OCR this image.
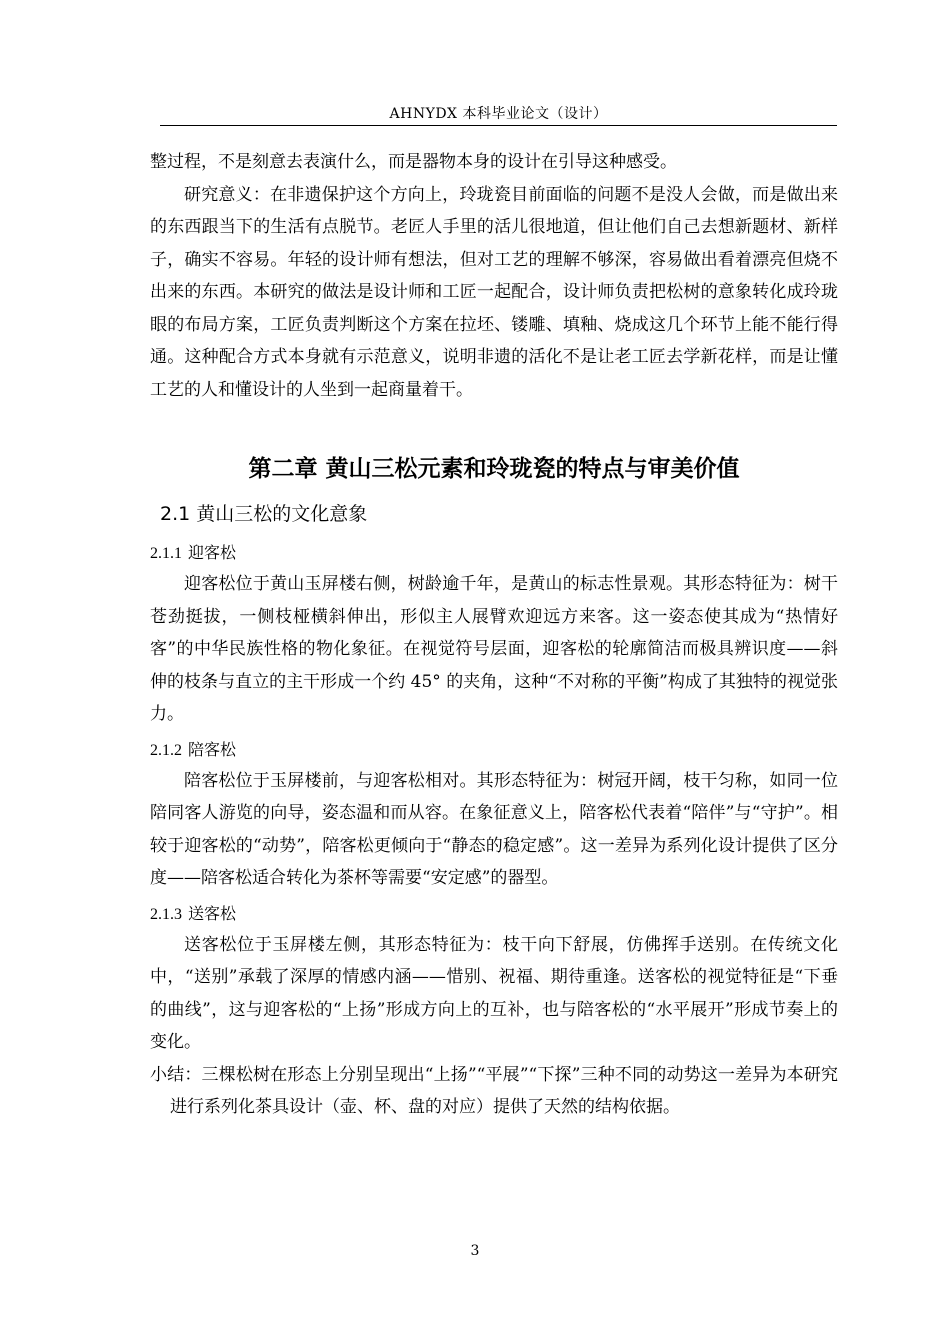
AHNYDX 本科毕业论文（设计）

整过程，不是刻意去表演什么，而是器物本身的设计在引导这种感受。

研究意义：在非遗保护这个方向上，玲珑瓷目前面临的问题不是没人会做，而是做出来的东西跟当下的生活有点脱节。老匠人手里的活儿很地道，但让他们自己去想新题材、新样子，确实不容易。年轻的设计师有想法，但对工艺的理解不够深，容易做出看着漂亮但烧不出来的东西。本研究的做法是设计师和工匠一起配合，设计师负责把松树的意象转化成玲珑眼的布局方案，工匠负责判断这个方案在拉坯、镂雕、填釉、烧成这几个环节上能不能行得通。这种配合方式本身就有示范意义，说明非遗的活化不是让老工匠去学新花样，而是让懂工艺的人和懂设计的人坐到一起商量着干。

第二章 黄山三松元素和玲珑瓷的特点与审美价值
2.1 黄山三松的文化意象
2.1.1 迎客松

迎客松位于黄山玉屏楼右侧，树龄逾千年，是黄山的标志性景观。其形态特征为：树干苍劲挺拔，一侧枝桠横斜伸出，形似主人展臂欢迎远方来客。这一姿态使其成为“热情好客”的中华民族性格的物化象征。在视觉符号层面，迎客松的轮廓简洁而极具辨识度——斜伸的枝条与直立的主干形成一个约 45° 的夹角，这种“不对称的平衡”构成了其独特的视觉张力。

2.1.2 陪客松

陪客松位于玉屏楼前，与迎客松相对。其形态特征为：树冠开阔，枝干匀称，如同一位陪同客人游览的向导，姿态温和而从容。在象征意义上，陪客松代表着“陪伴”与“守护”。相较于迎客松的“动势”，陪客松更倾向于“静态的稳定感”。这一差异为系列化设计提供了区分度——陪客松适合转化为茶杯等需要“安定感”的器型。

2.1.3 送客松

送客松位于玉屏楼左侧，其形态特征为：枝干向下舒展，仿佛挥手送别。在传统文化中，“送别”承载了深厚的情感内涵——惜别、祝福、期待重逢。送客松的视觉特征是“下垂的曲线”，这与迎客松的“上扬”形成方向上的互补，也与陪客松的“水平展开”形成节奏上的变化。

小结：三棵松树在形态上分别呈现出“上扬”“平展”“下探”三种不同的动势这一差异为本研究进行系列化茶具设计（壶、杯、盘的对应）提供了天然的结构依据。

3
